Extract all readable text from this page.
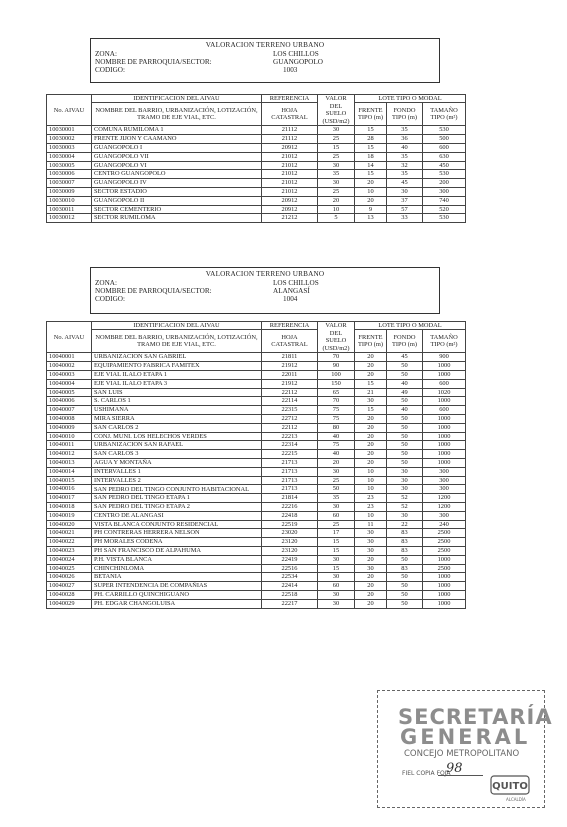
VALORACION TERRENO URBANO
ZONA:	LOS CHILLOS
NOMBRE DE PARROQUIA/SECTOR:	GUANGOPOLO
CODIGO:	1003
No. AIVAU	IDENTIFICACION DEL AIVAU	REFERENCIA	VALOR DEL SUELO (USD/m2)	LOTE TIPO O MODAL		
	NOMBRE DEL BARRIO, URBANIZACIÓN, LOTIZACIÓN, TRAMO DE EJE VIAL, ETC.	HOJA CATASTRAL		FRENTE TIPO (m)	FONDO TIPO (m)	TAMAÑO TIPO (m²)
10030001	COMUNA RUMILOMA 1	21112	30	15	35	530
10030002	FRENTE JIJON Y CAAMANO	21112	25	28	36	500
10030003	GUANGOPOLO I	20912	15	15	40	600
10030004	GUANGOPOLO VII	21012	25	18	35	630
10030005	GUANGOPOLO VI	21012	30	14	32	450
10030006	CENTRO GUANGOPOLO	21012	35	15	35	530
10030007	GUANGOPOLO IV	21012	30	20	45	200
10030009	SECTOR ESTADIO	21012	25	10	30	300
10030010	GUANGOPOLO II	20912	20	20	37	740
10030011	SECTOR CEMENTERIO	20912	10	9	57	520
10030012	SECTOR RUMILOMA	21212	5	13	33	530
VALORACION TERRENO URBANO
ZONA:	LOS CHILLOS
NOMBRE DE PARROQUIA/SECTOR:	ALANGASÍ
CODIGO:	1004
No. AIVAU	IDENTIFICACION DEL AIVAU	REFERENCIA	VALOR DEL SUELO (USD/m2)	LOTE TIPO O MODAL		
	NOMBRE DEL BARRIO, URBANIZACIÓN, LOTIZACIÓN, TRAMO DE EJE VIAL, ETC.	HOJA CATASTRAL		FRENTE TIPO (m)	FONDO TIPO (m)	TAMAÑO TIPO (m²)
10040001	URBANIZACION SAN GABRIEL	21811	70	20	45	900
10040002	EQUIPAMIENTO FABRICA FAMITEX	21912	90	20	50	1000
10040003	EJE VIAL ILALO ETAPA 1	22011	100	20	50	1000
10040004	EJE VIAL ILALO ETAPA 3	21912	150	15	40	600
10040005	SAN LUIS	22112	65	21	49	1020
10040006	S. CARLOS 1	22114	70	30	50	1000
10040007	USHIMANA	22315	75	15	40	600
10040008	MIRA SIERRA	22712	75	20	50	1000
10040009	SAN CARLOS 2	22112	80	20	50	1000
10040010	CONJ. MUNI. LOS HELECHOS VERDES	22213	40	20	50	1000
10040011	URBANIZACION SAN RAFAEL	22314	75	20	50	1000
10040012	SAN CARLOS 3	22215	40	20	50	1000
10040013	AGUA Y MONTAÑA	21713	20	20	50	1000
10040014	INTERVALLES 1	21713	30	10	30	300
10040015	INTERVALLES 2	21713	25	10	30	300
10040016	SAN PEDRO DEL TINGO CONJUNTO HABITACIONAL	21713	50	10	30	300
10040017	SAN PEDRO DEL TINGO ETAPA 1	21814	35	23	52	1200
10040018	SAN PEDRO DEL TINGO ETAPA 2	22216	30	23	52	1200
10040019	CENTRO DE ALANGASI	22418	60	10	30	300
10040020	VISTA BLANCA CONJUNTO RESIDENCIAL	22519	25	11	22	240
10040021	PH CONTRERAS HERRERA NELSON	23020	17	30	83	2500
10040022	PH MORALES CODENA	23120	15	30	83	2500
10040023	PH SAN FRANCISCO DE ALPAHUMA	23120	15	30	83	2500
10040024	P.H. VISTA BLANCA	22419	30	20	50	1000
10040025	CHINCHINLOMA	22516	15	30	83	2500
10040026	BETANIA	22534	30	20	50	1000
10040027	SUPER INTENDENCIA DE COMPAÑIAS	22414	60	20	50	1000
10040028	PH. CARRILLO QUINCHIGUANO	22518	30	20	50	1000
10040029	PH. EDGAR CHANGOLUISA	22217	30	20	50	1000
SECRETARÍA
GENERAL
CONCEJO METROPOLITANO
FIEL COPIA FOJA
98
QUITO
ALCALDÍA
